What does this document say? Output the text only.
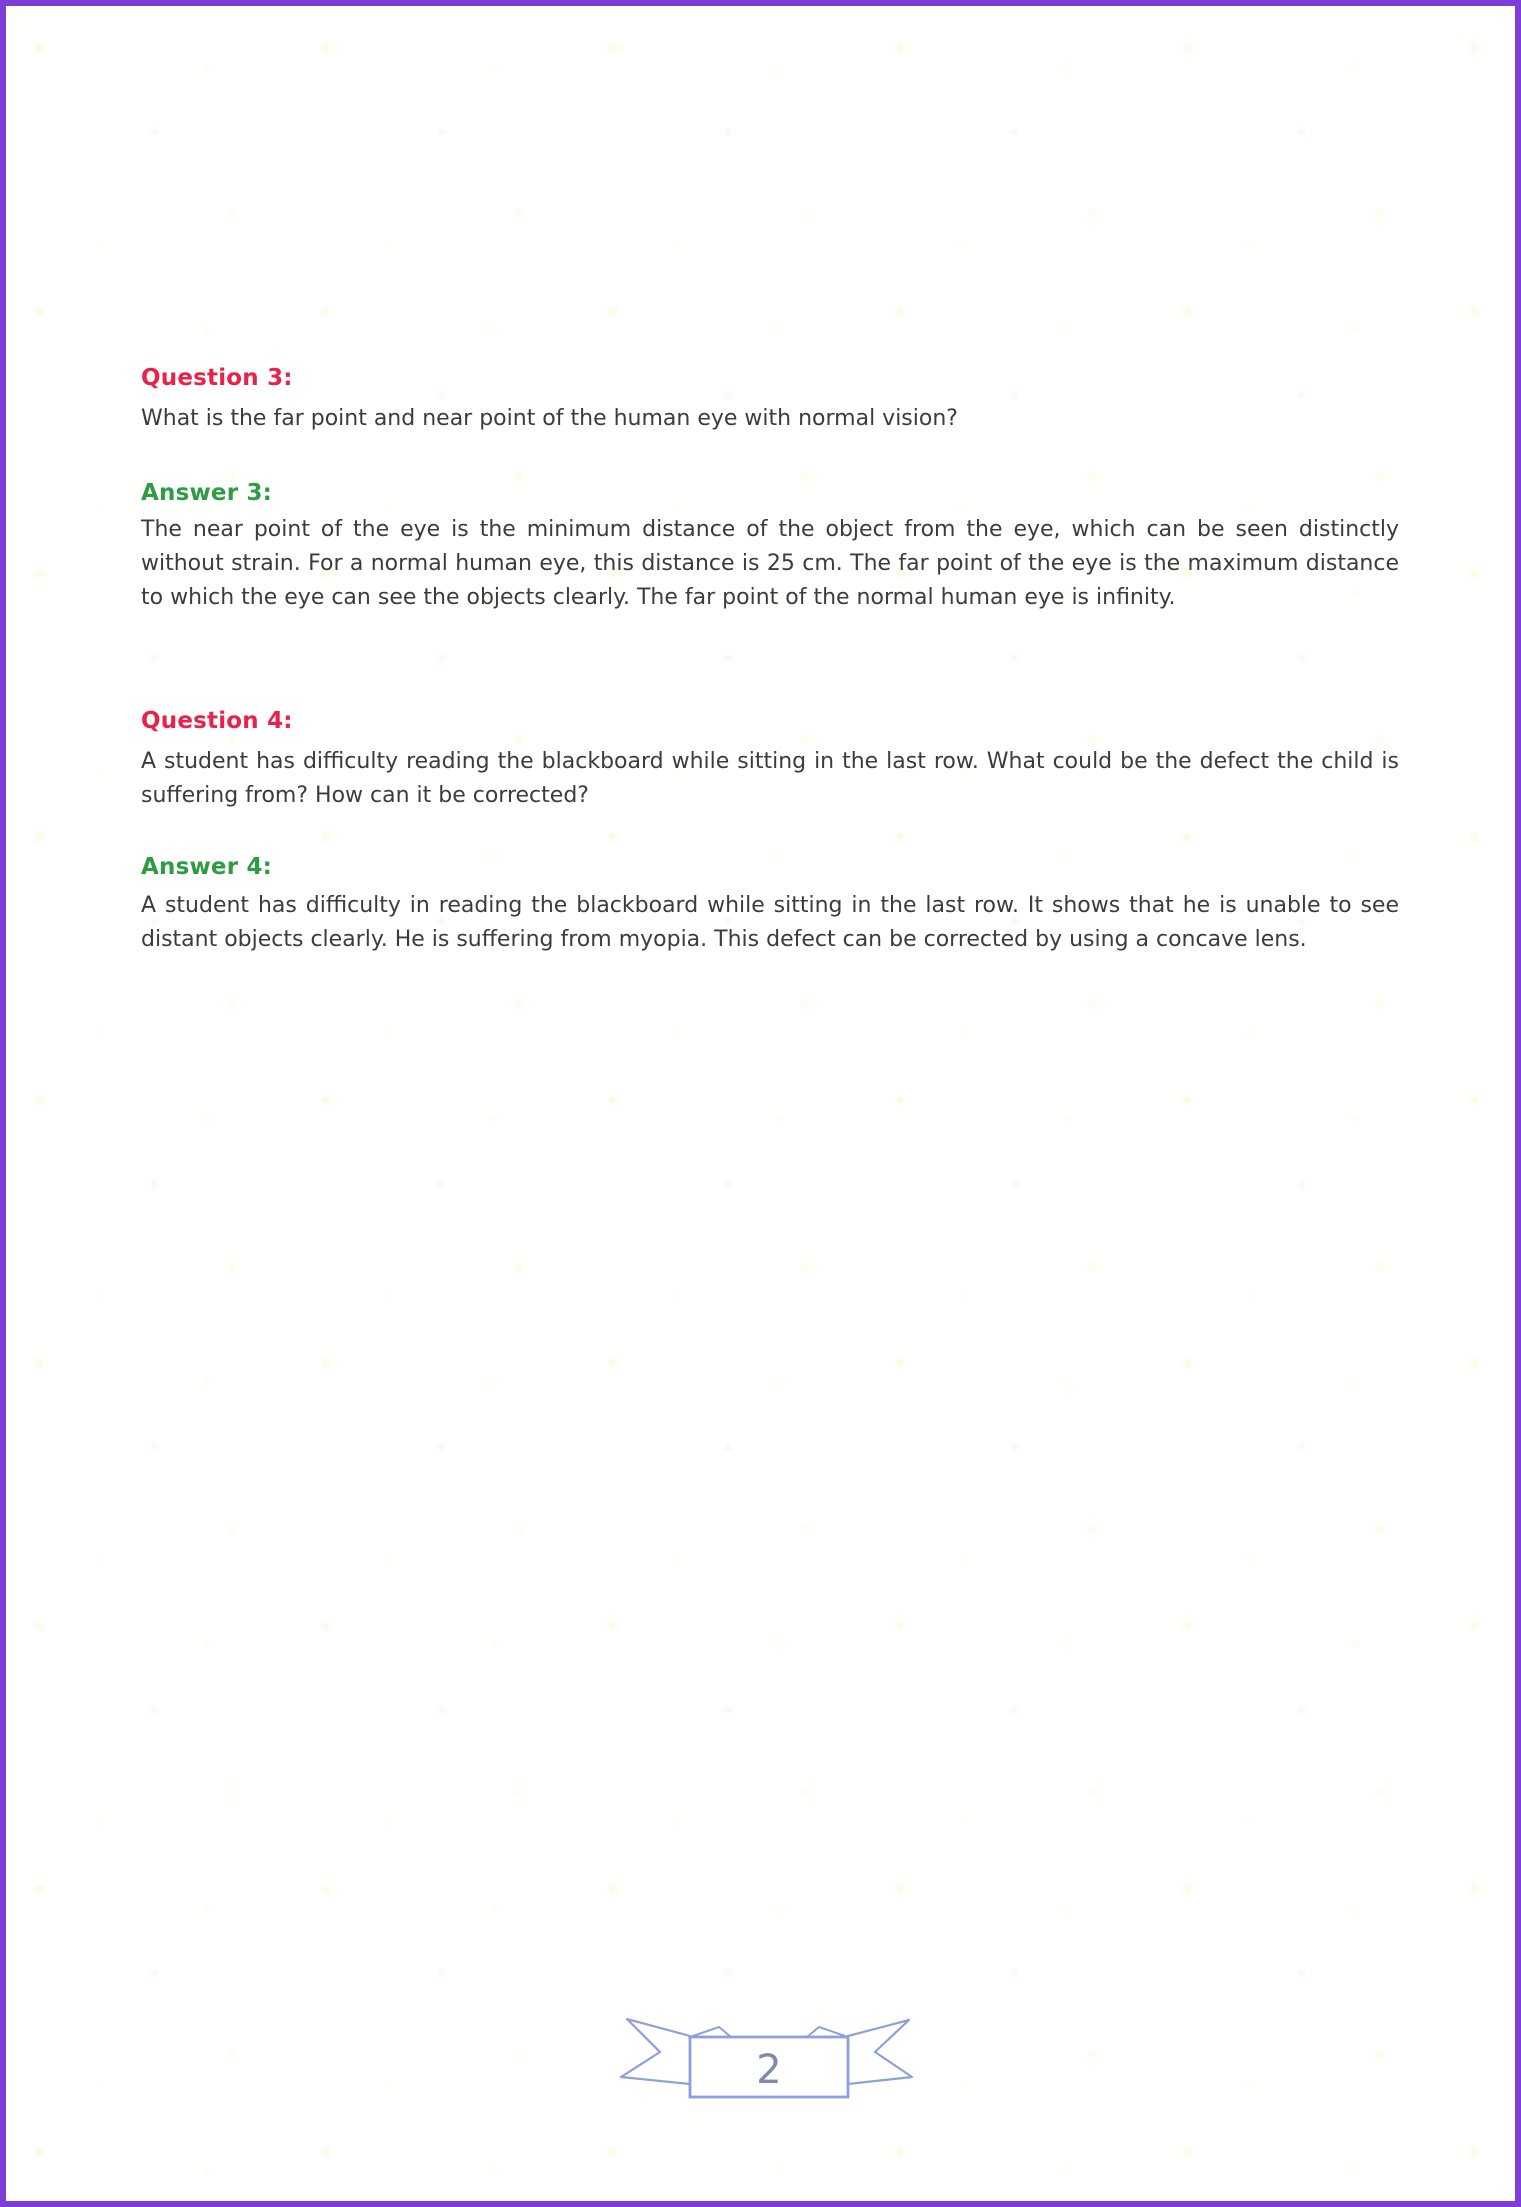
Question 3:

What is the far point and near point of the human eye with normal vision?

Answer 3:

The near point of the eye is the minimum distance of the object from the eye, which can be seen distinctly without strain. For a normal human eye, this distance is 25 cm. The far point of the eye is the maximum distance to which the eye can see the objects clearly. The far point of the normal human eye is infinity.

Question 4:

A student has difficulty reading the blackboard while sitting in the last row. What could be the defect the child is suffering from? How can it be corrected?

Answer 4:

A student has difficulty in reading the blackboard while sitting in the last row. It shows that he is unable to see distant objects clearly. He is suffering from myopia. This defect can be corrected by using a concave lens.

2
